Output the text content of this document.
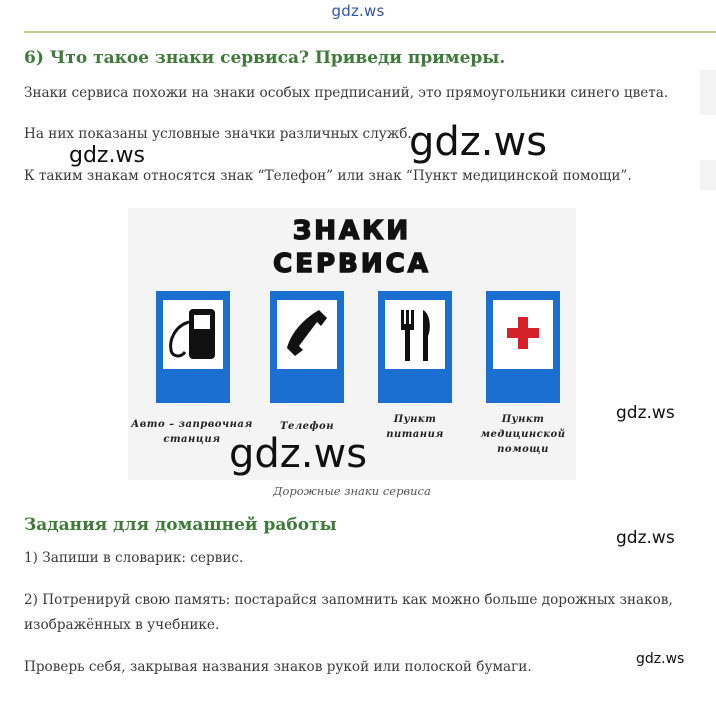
gdz.ws
6) Что такое знаки сервиса? Приведи примеры.

Знаки сервиса похожи на знаки особых предписаний, это прямоугольники синего цвета.

На них показаны условные значки различных служб.

К таким знакам относятся знак “Телефон” или знак “Пункт медицинской помощи”.

gdz.ws
gdz.ws
ЗНАКИ
СЕРВИСА
Авто – запрвочная
станция
Телефон
Пункт
питания
Пункт
медицинской
помощи
gdz.ws
gdz.ws
Дорожные знаки сервиса
Задания для домашней работы
gdz.ws

1) Запиши в словарик: сервис.

2) Потренируй свою память: постарайся запомнить как можно больше дорожных знаков,

изображённых в учебнике.

Проверь себя, закрывая названия знаков рукой или полоской бумаги.	gdz.ws
